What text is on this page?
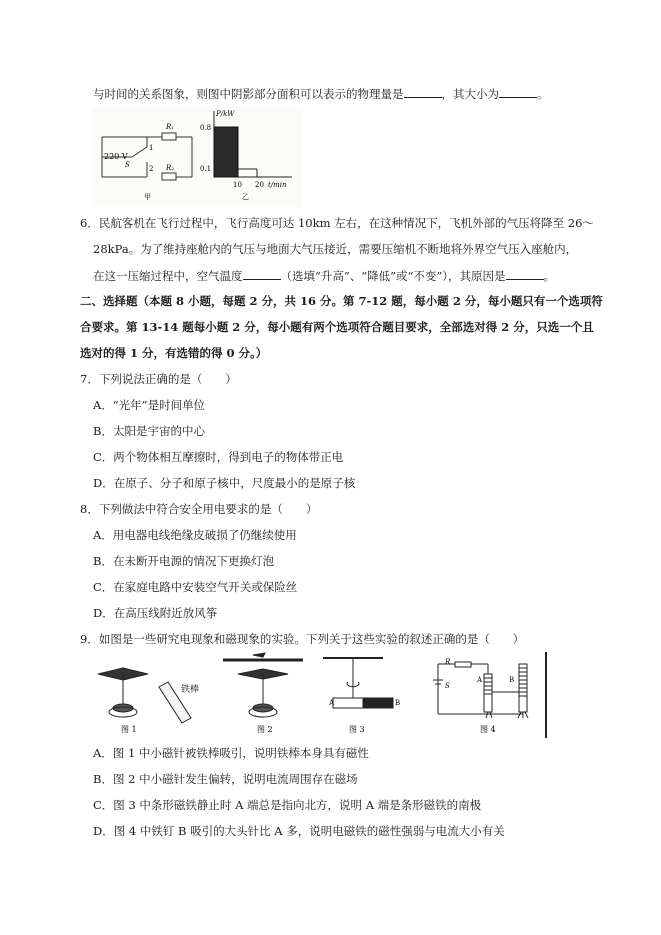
与时间的关系图象，则图中阴影部分面积可以表示的物理量是	，其大小为	。
220 V
R₁
R₂
S
1
2
甲
P/kW
0.8
0.1
10 20 t/min
乙
6．民航客机在飞行过程中，飞行高度可达 10km 左右，在这种情况下，飞机外部的气压将降至 26～
28kPa。为了维持座舱内的气压与地面大气压接近，需要压缩机不断地将外界空气压入座舱内，
在这一压缩过程中，空气温度	（选填“升高”、“降低”或“不变”），其原因是	。
二、选择题（本题 8 小题，每题 2 分，共 16 分。第 7-12 题，每小题 2 分，每小题只有一个选项符
合要求。第 13-14 题每小题 2 分，每小题有两个选项符合题目要求，全部选对得 2 分，只选一个且
选对的得 1 分，有选错的得 0 分。）
7．下列说法正确的是（　　）
A．“光年”是时间单位
B．太阳是宇宙的中心
C．两个物体相互摩擦时，得到电子的物体带正电
D．在原子、分子和原子核中，尺度最小的是原子核
8．下列做法中符合安全用电要求的是（　　）
A．用电器电线绝缘皮破损了仍继续使用
B．在未断开电源的情况下更换灯泡
C．在家庭电路中安装空气开关或保险丝
D．在高压线附近放风筝
9．如图是一些研究电现象和磁现象的实验。下列关于这些实验的叙述正确的是（　　）
铁棒
图 1	图 2
A	B
图 3
R
S
A	B
图 4
A．图 1 中小磁针被铁棒吸引，说明铁棒本身具有磁性
B．图 2 中小磁针发生偏转，说明电流周围存在磁场
C．图 3 中条形磁铁静止时 A 端总是指向北方，说明 A 端是条形磁铁的南极
D．图 4 中铁钉 B 吸引的大头针比 A 多，说明电磁铁的磁性强弱与电流大小有关
